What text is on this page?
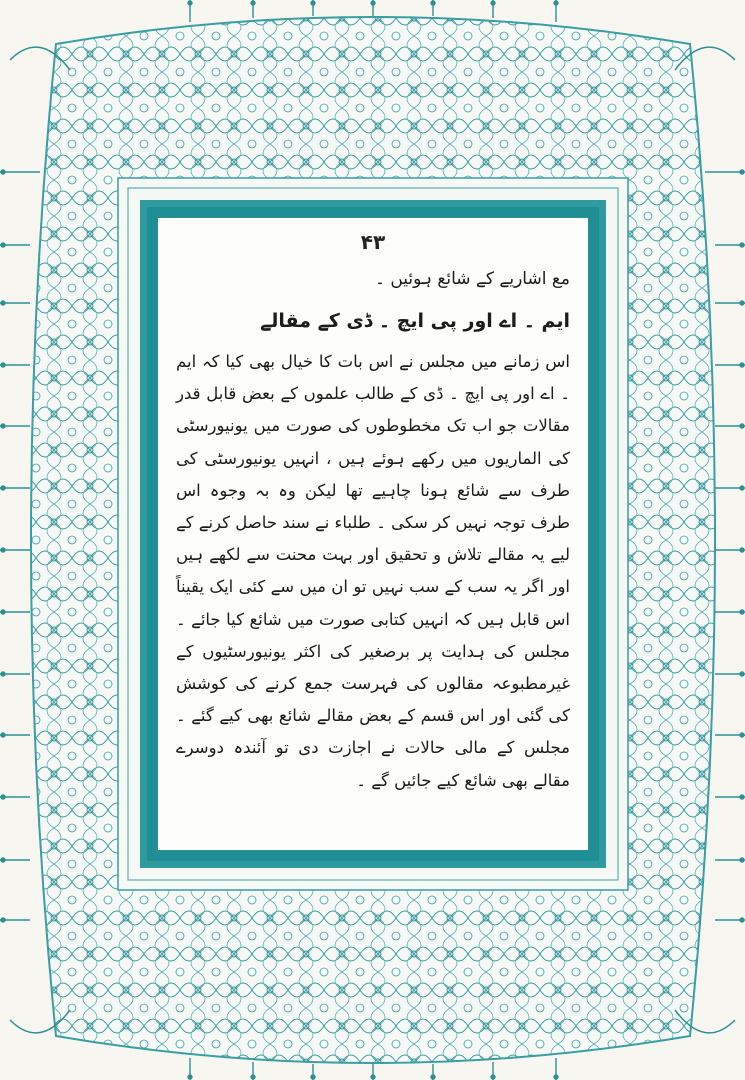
۴۳

مع اشاریے کے شائع ہوئیں ۔

ایم ۔ اے اور پی ایچ ۔ ڈی کے مقالے

اس زمانے میں مجلس نے اس بات کا خیال بھی کیا کہ ایم ۔ اے اور پی ایچ ۔ ڈی کے طالب علموں کے بعض قابل قدر مقالات جو اب تک مخطوطوں کی صورت میں یونیورسٹی کی الماریوں میں رکھے ہوئے ہیں ، انہیں یونیورسٹی کی طرف سے شائع ہونا چاہیے تھا لیکن وہ بہ وجوہ اس طرف توجہ نہیں کر سکی ۔ طلباء نے سند حاصل کرنے کے لیے یہ مقالے تلاش و تحقیق اور بہت محنت سے لکھے ہیں اور اگر یہ سب کے سب نہیں تو ان میں سے کئی ایک یقیناً اس قابل ہیں کہ انہیں کتابی صورت میں شائع کیا جائے ۔ مجلس کی ہدایت پر برصغیر کی اکثر یونیورسٹیوں کے غیرمطبوعہ مقالوں کی فہرست جمع کرنے کی کوشش کی گئی اور اس قسم کے بعض مقالے شائع بھی کیے گئے ۔ مجلس کے مالی حالات نے اجازت دی تو آئندہ دوسرے مقالے بھی شائع کیے جائیں گے ۔
